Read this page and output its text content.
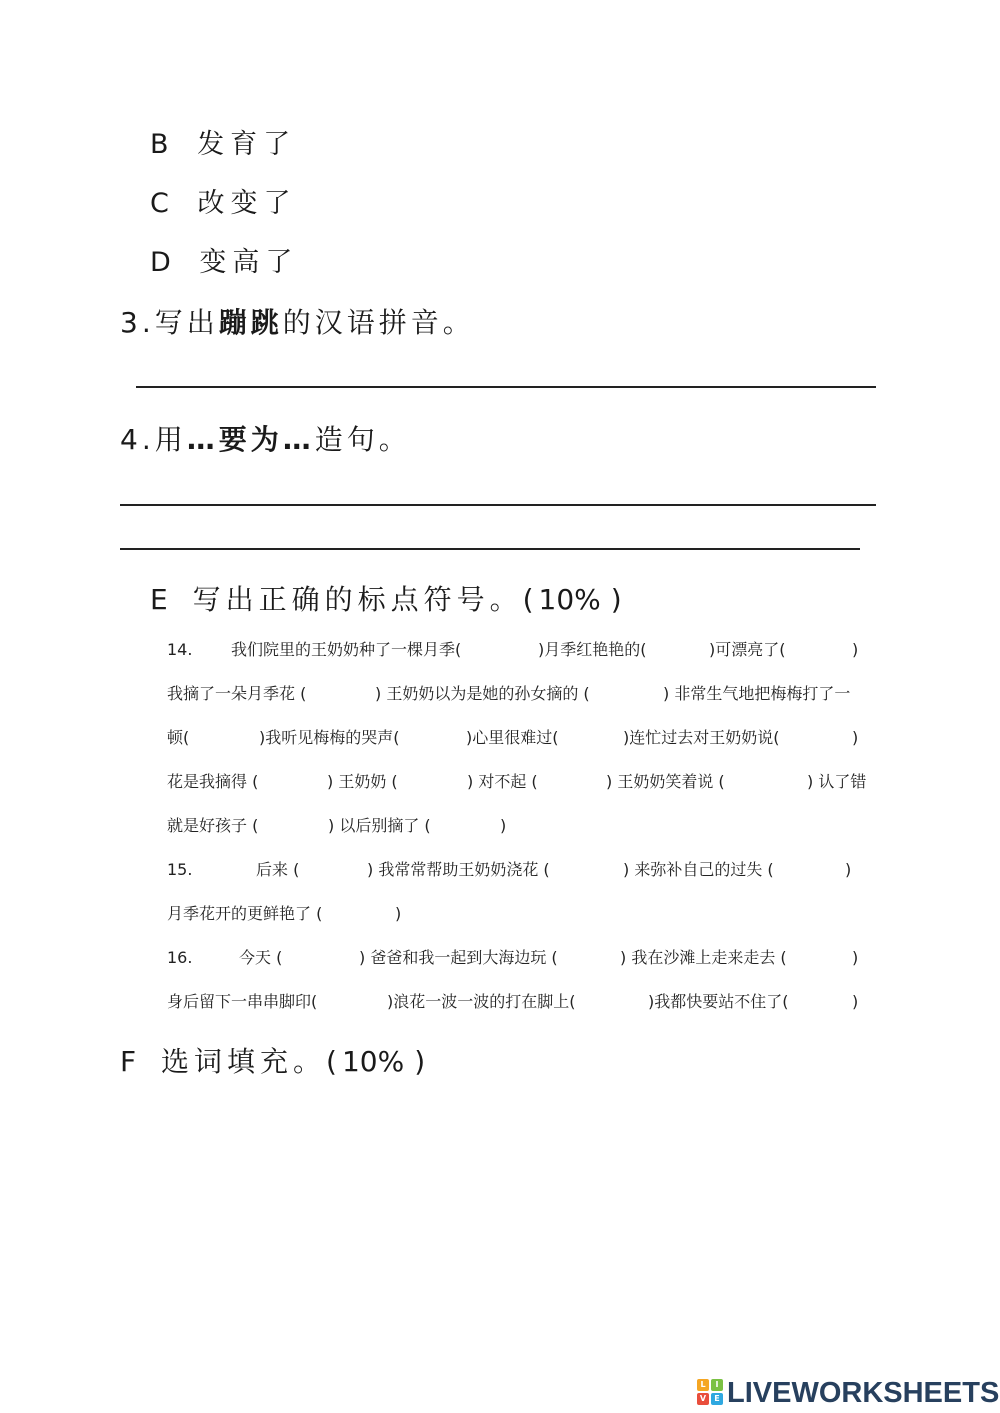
B 发育了
C 改变了
D 变高了
3.写出蹦跳的汉语拼音。
4.用…要为…造句。
E 写出正确的标点符号。(10% )
14. 我们院里的王奶奶种了一棵月季(	)月季红艳艳的(	)可漂亮了(	)
我摘了一朵月季花 (	) 王奶奶以为是她的孙女摘的 (	) 非常生气地把梅梅打了一
顿(	)我听见梅梅的哭声(	)心里很难过(	)连忙过去对王奶奶说(	)
花是我摘得 (	) 王奶奶 (	) 对不起 (	) 王奶奶笑着说 (	) 认了错
就是好孩子 (	) 以后别摘了 (	)
15.	后来 (	) 我常常帮助王奶奶浇花 (	) 来弥补自己的过失 (	)
月季花开的更鲜艳了 (	)
16.	今天 (	) 爸爸和我一起到大海边玩 (	) 我在沙滩上走来走去 (	)
身后留下一串串脚印(	)浪花一波一波的打在脚上(	)我都快要站不住了(	)
F 选词填充。(10% )
L	I
V	E LIVEWORKSHEETS
